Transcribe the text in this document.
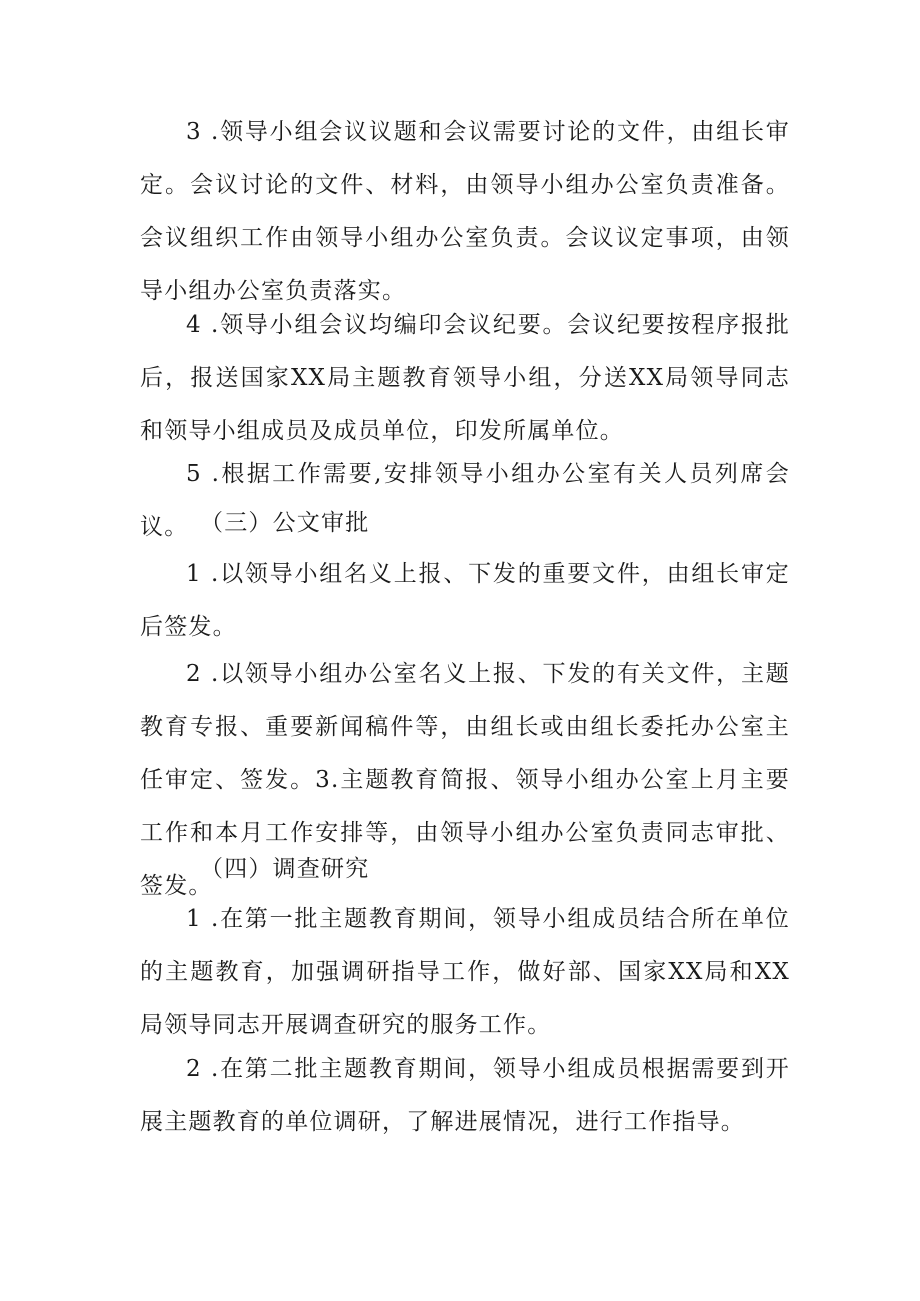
3 .领导小组会议议题和会议需要讨论的文件，由组长审定。会议讨论的文件、材料，由领导小组办公室负责准备。会议组织工作由领导小组办公室负责。会议议定事项，由领导小组办公室负责落实。

4 .领导小组会议均编印会议纪要。会议纪要按程序报批后，报送国家XX局主题教育领导小组，分送XX局领导同志和领导小组成员及成员单位，印发所属单位。

5 .根据工作需要,安排领导小组办公室有关人员列席会议。 （三）公文审批

1 .以领导小组名义上报、下发的重要文件，由组长审定后签发。

2 .以领导小组办公室名义上报、下发的有关文件，主题教育专报、重要新闻稿件等，由组长或由组长委托办公室主任审定、签发。3.主题教育简报、领导小组办公室上月主要工作和本月工作安排等，由领导小组办公室负责同志审批、签发。

（四）调查研究

1 .在第一批主题教育期间，领导小组成员结合所在单位的主题教育，加强调研指导工作，做好部、国家XX局和XX局领导同志开展调查研究的服务工作。

2 .在第二批主题教育期间，领导小组成员根据需要到开展主题教育的单位调研，了解进展情况，进行工作指导。
